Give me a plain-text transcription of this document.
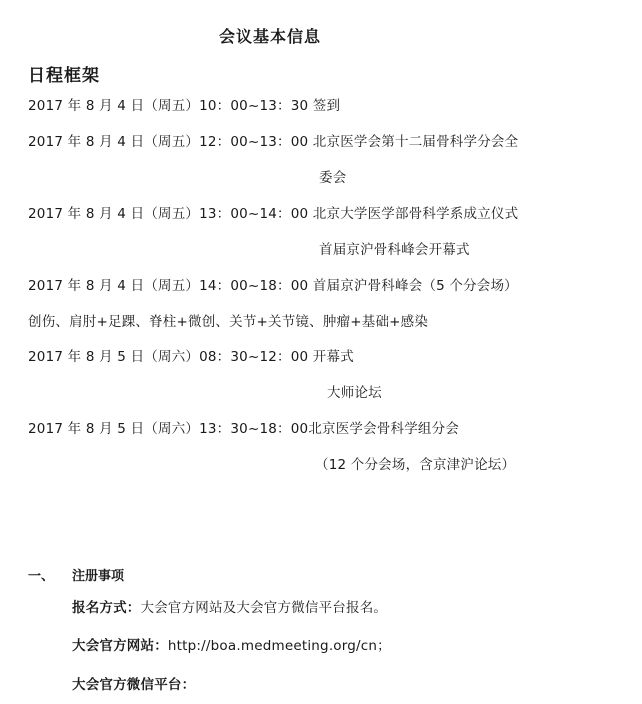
会议基本信息
日程框架
2017 年 8 月 4 日（周五）10：00~13：30 签到
2017 年 8 月 4 日（周五）12：00~13：00 北京医学会第十二届骨科学分会全
委会
2017 年 8 月 4 日（周五）13：00~14：00 北京大学医学部骨科学系成立仪式
首届京沪骨科峰会开幕式
2017 年 8 月 4 日（周五）14：00~18：00 首届京沪骨科峰会（5 个分会场）
创伤、肩肘+足踝、脊柱+微创、关节+关节镜、肿瘤+基础+感染
2017 年 8 月 5 日（周六）08：30~12：00 开幕式
大师论坛
2017 年 8 月 5 日（周六）13：30~18：00北京医学会骨科学组分会
（12 个分会场，含京津沪论坛）
一、 注册事项
报名方式：大会官方网站及大会官方微信平台报名。
大会官方网站：http://boa.medmeeting.org/cn；
大会官方微信平台：
